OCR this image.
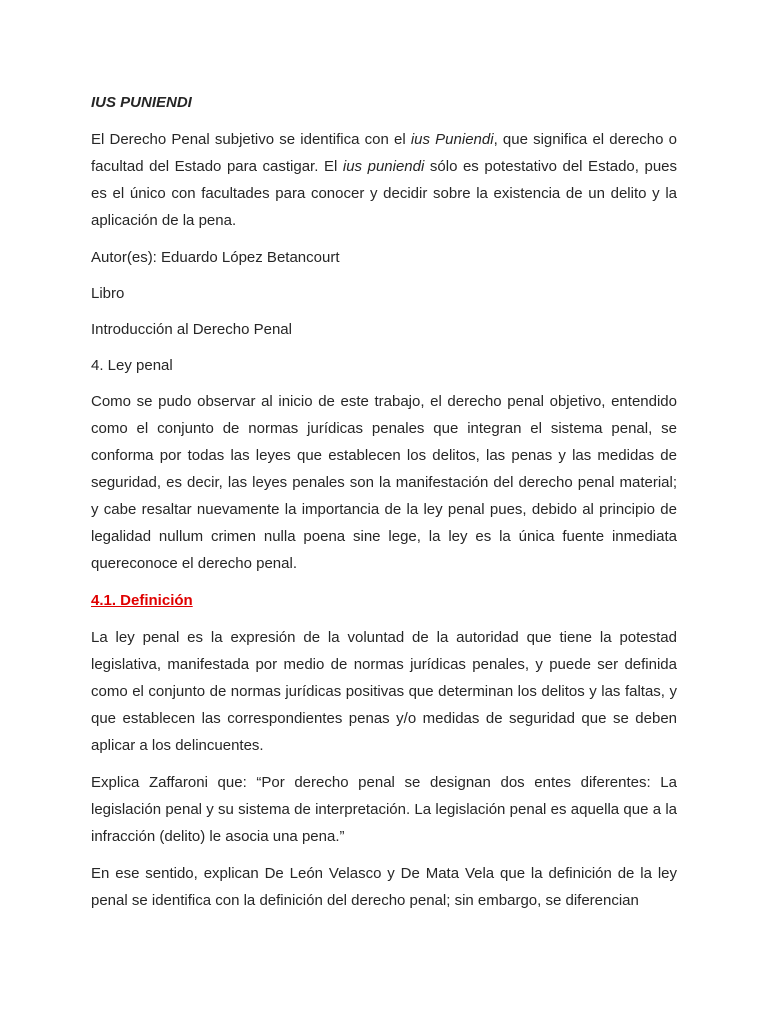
IUS PUNIENDI

El Derecho Penal subjetivo se identifica con el ius Puniendi, que significa el derecho o facultad del Estado para castigar. El ius puniendi sólo es potestativo del Estado, pues es el único con facultades para conocer y decidir sobre la existencia de un delito y la aplicación de la pena.

Autor(es): Eduardo López Betancourt

Libro

Introducción al Derecho Penal

4. Ley penal

Como se pudo observar al inicio de este trabajo, el derecho penal objetivo, entendido como el conjunto de normas jurídicas penales que integran el sistema penal, se conforma por todas las leyes que establecen los delitos, las penas y las medidas de seguridad, es decir, las leyes penales son la manifestación del derecho penal material; y cabe resaltar nuevamente la importancia de la ley penal pues, debido al principio de legalidad nullum crimen nulla poena sine lege, la ley es la única fuente inmediata quereconoce el derecho penal.

4.1. Definición

La ley penal es la expresión de la voluntad de la autoridad que tiene la potestad legislativa, manifestada por medio de normas jurídicas penales, y puede ser definida como el conjunto de normas jurídicas positivas que determinan los delitos y las faltas, y que establecen las correspondientes penas y/o medidas de seguridad que se deben aplicar a los delincuentes.

Explica Zaffaroni que: “Por derecho penal se designan dos entes diferentes: La legislación penal y su sistema de interpretación. La legislación penal es aquella que a la infracción (delito) le asocia una pena.”

En ese sentido, explican De León Velasco y De Mata Vela que la definición de la ley penal se identifica con la definición del derecho penal; sin embargo, se diferencian
